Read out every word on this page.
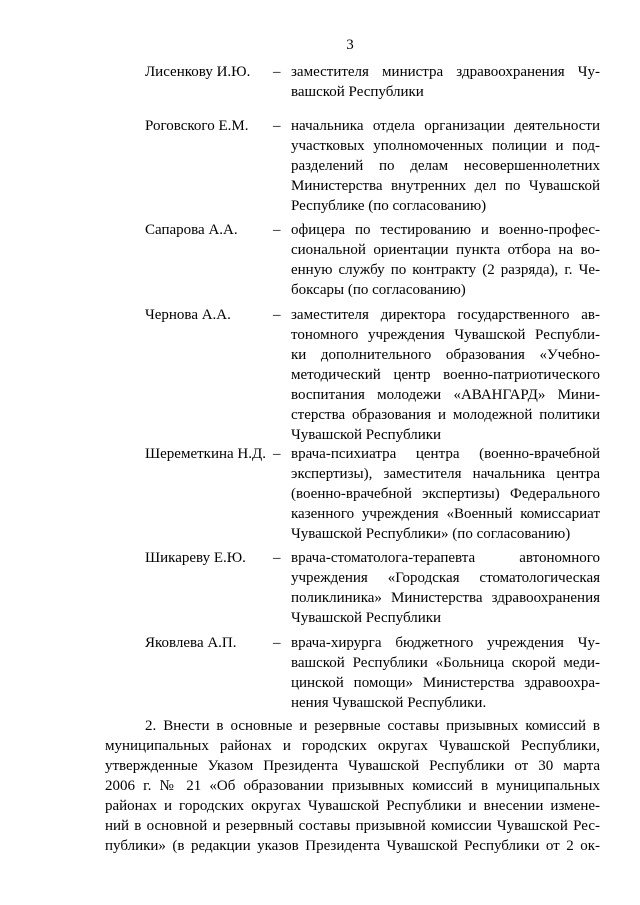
3
Лисенкову И.Ю. – заместителя министра здравоохранения Чу-
вашской Республики
Роговского Е.М. – начальника отдела организации деятельности
участковых уполномоченных полиции и под-
разделений по делам несовершеннолетних
Министерства внутренних дел по Чувашской
Республике (по согласованию)
Сапарова А.А. – офицера по тестированию и военно-профес-
сиональной ориентации пункта отбора на во-
енную службу по контракту (2 разряда), г. Че-
боксары (по согласованию)
Чернова А.А.	– заместителя директора государственного ав-
тономного учреждения Чувашской Республи-
ки дополнительного образования «Учебно-
методический центр военно-патриотического
воспитания молодежи «АВАНГАРД» Мини-
стерства образования и молодежной политики
Чувашской Республики
Шереметкина Н.Д. – врача-психиатра центра (военно-врачебной
экспертизы), заместителя начальника центра
(военно-врачебной экспертизы) Федерального
казенного учреждения «Военный комиссариат
Чувашской Республики» (по согласованию)
Шикареву Е.Ю. – врача-стоматолога-терапевта автономного
учреждения «Городская стоматологическая
поликлиника» Министерства здравоохранения
Чувашской Республики
Яковлева А.П. – врача-хирурга бюджетного учреждения Чу-
вашской Республики «Больница скорой меди-
цинской помощи» Министерства здравоохра-
нения Чувашской Республики.
2. Внести в основные и резервные составы призывных комиссий в
муниципальных районах и городских округах Чувашской Республики,
утвержденные Указом Президента Чувашской Республики от 30 марта
2006 г. № 21 «Об образовании призывных комиссий в муниципальных
районах и городских округах Чувашской Республики и внесении измене-
ний в основной и резервный составы призывной комиссии Чувашской Рес-
публики» (в редакции указов Президента Чувашской Республики от 2 ок-
